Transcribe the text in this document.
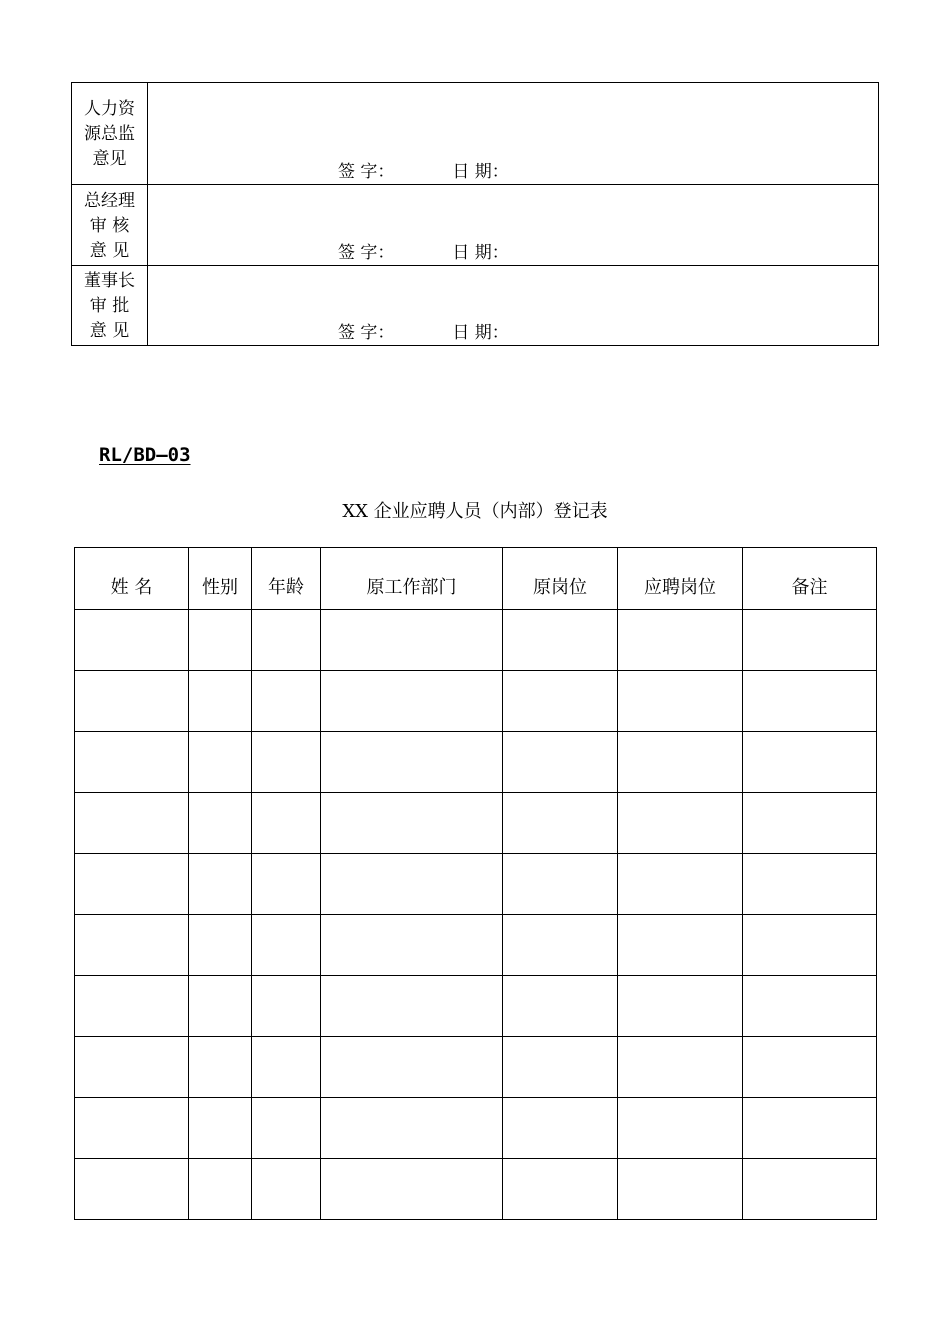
人力资
源总监
意见	签 字： 日 期：

总经理
审 核
意 见	签 字： 日 期：

董事长
审 批
意 见	签 字： 日 期：
RL/BD—03
XX 企业应聘人员（内部）登记表
姓 名	性别	年龄	原工作部门	原岗位	应聘岗位	备注
